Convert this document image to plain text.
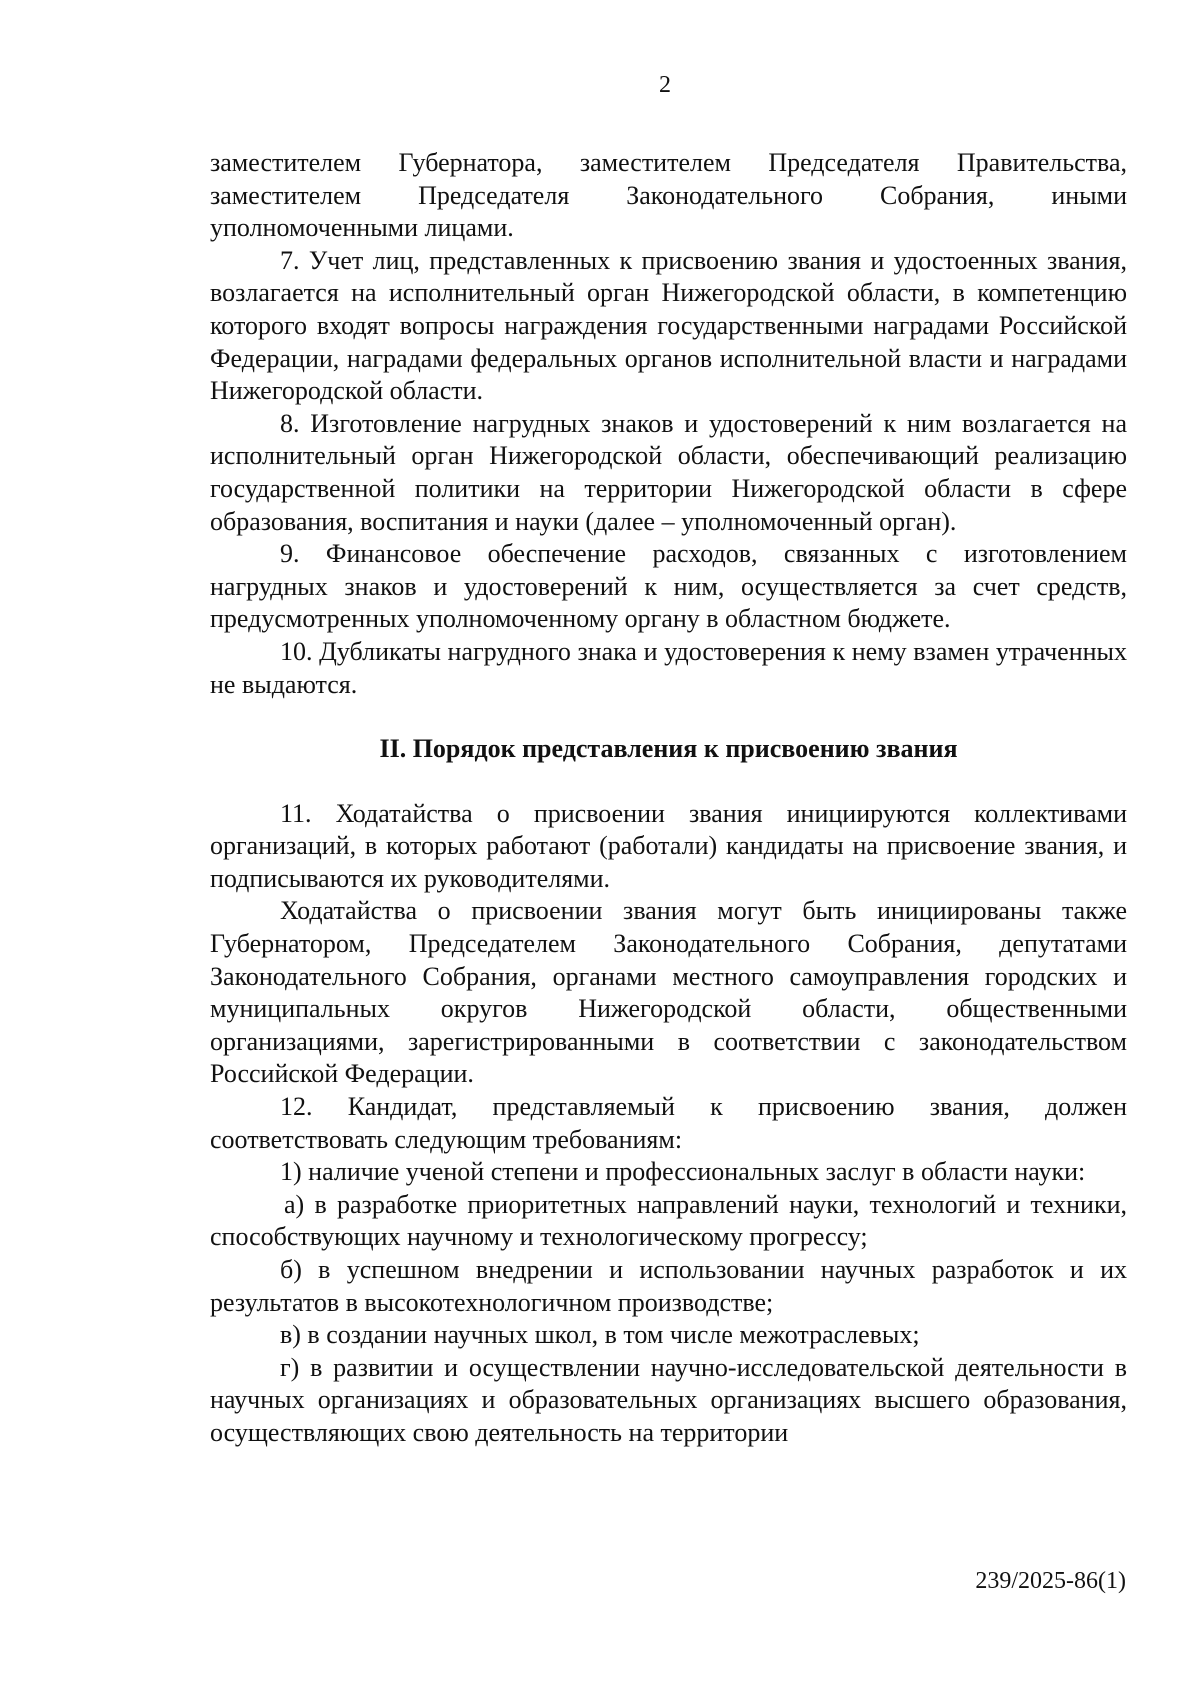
2

заместителем Губернатора, заместителем Председателя Правительства, заместителем Председателя Законодательного Собрания, иными уполномоченными лицами.

7. Учет лиц, представленных к присвоению звания и удостоенных звания, возлагается на исполнительный орган Нижегородской области, в компетенцию которого входят вопросы награждения государственными наградами Российской Федерации, наградами федеральных органов исполнительной власти и наградами Нижегородской области.

8. Изготовление нагрудных знаков и удостоверений к ним возлагается на исполнительный орган Нижегородской области, обеспечивающий реализацию государственной политики на территории Нижегородской области в сфере образования, воспитания и науки (далее – уполномоченный орган).

9. Финансовое обеспечение расходов, связанных с изготовлением нагрудных знаков и удостоверений к ним, осуществляется за счет средств, предусмотренных уполномоченному органу в областном бюджете.

10. Дубликаты нагрудного знака и удостоверения к нему взамен утраченных не выдаются.

II. Порядок представления к присвоению звания

11. Ходатайства о присвоении звания инициируются коллективами организаций, в которых работают (работали) кандидаты на присвоение звания, и подписываются их руководителями.

Ходатайства о присвоении звания могут быть инициированы также Губернатором, Председателем Законодательного Собрания, депутатами Законодательного Собрания, органами местного самоуправления городских и муниципальных округов Нижегородской области, общественными организациями, зарегистрированными в соответствии с законодательством Российской Федерации.

12. Кандидат, представляемый к присвоению звания, должен соответствовать следующим требованиям:

1) наличие ученой степени и профессиональных заслуг в области науки:

а) в разработке приоритетных направлений науки, технологий и техники, способствующих научному и технологическому прогрессу;

б) в успешном внедрении и использовании научных разработок и их результатов в высокотехнологичном производстве;

в) в создании научных школ, в том числе межотраслевых;

г) в развитии и осуществлении научно-исследовательской деятельности в научных организациях и образовательных организациях высшего образования, осуществляющих свою деятельность на территории

239/2025-86(1)
